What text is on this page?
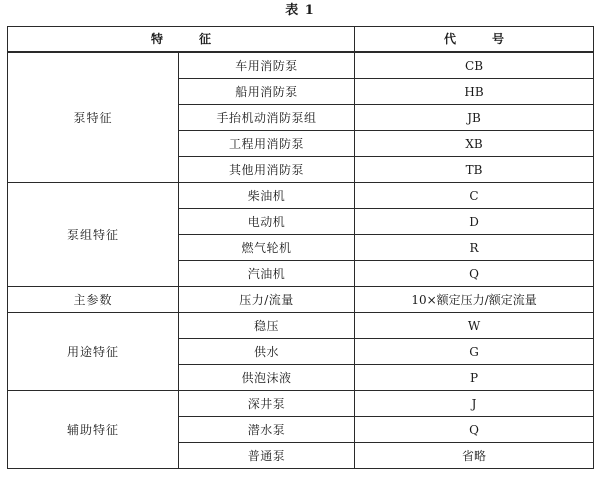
表 1
特　　　征		代　　　号
泵特征	车用消防泵	CB
	船用消防泵	HB
	手抬机动消防泵组	JB
	工程用消防泵	XB
	其他用消防泵	TB
泵组特征	柴油机	C
	电动机	D
	燃气轮机	R
	汽油机	Q
主参数	压力/流量	10×额定压力/额定流量
用途特征	稳压	W
	供水	G
	供泡沫液	P
辅助特征	深井泵	J
	潜水泵	Q
	普通泵	省略
